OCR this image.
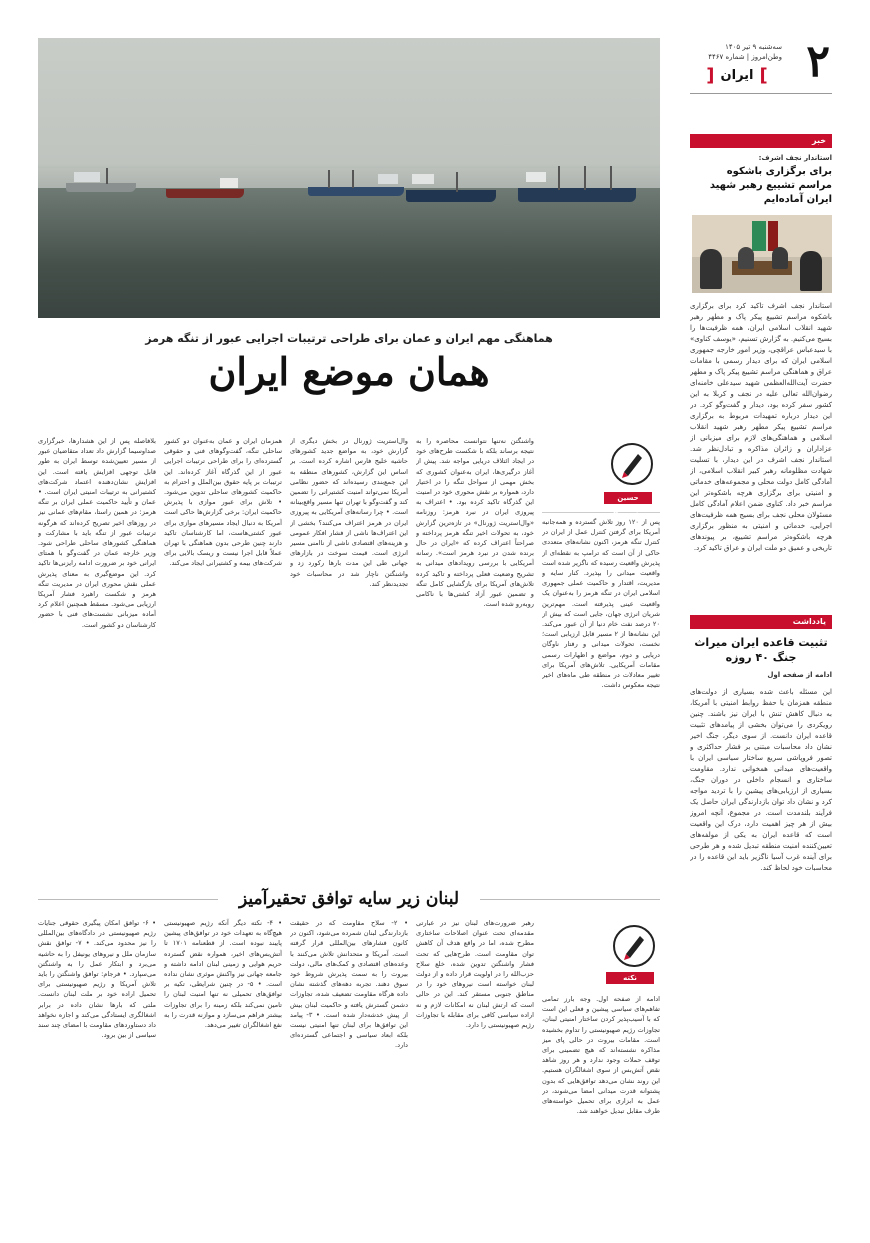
۲
سه‌شنبه ۹ تیر ۱۴۰۵
وطن‌امروز | شماره ۴۴۶۷
]
ایران
[
خبر
استاندار نجف اشرف:
برای برگزاری باشکوه مراسم تشییع رهبر شهید ایران آماده‌ایم
استاندار نجف اشرف تاکید کرد برای برگزاری باشکوه مراسم تشییع پیکر پاک و مطهر رهبر شهید انقلاب اسلامی ایران، همه ظرفیت‌ها را بسیج می‌کنیم. به گزارش تسنیم، «یوسف کناوی» با سیدعباس عراقچی، وزیر امور خارجه جمهوری اسلامی ایران که برای دیدار رسمی با مقامات عراق و هماهنگی مراسم تشییع پیکر پاک و مطهر حضرت آیت‌الله‌العظمی شهید سیدعلی خامنه‌ای رضوان‌الله تعالی علیه در نجف و کربلا به این کشور سفر کرده بود، دیدار و گفت‌وگو کرد. در این دیدار درباره تمهیدات مربوط به برگزاری مراسم تشییع پیکر مطهر رهبر شهید انقلاب اسلامی و هماهنگی‌های لازم برای میزبانی از عزاداران و زائران مذاکره و تبادل‌نظر شد. استاندار نجف اشرف در این دیدار، با تسلیت شهادت مظلومانه رهبر کبیر انقلاب اسلامی، از آمادگی کامل دولت محلی و مجموعه‌های خدماتی و امنیتی برای برگزاری هرچه باشکوه‌تر این مراسم خبر داد. کناوی ضمن اعلام آمادگی کامل مسئولان محلی نجف برای بسیج همه ظرفیت‌های اجرایی، خدماتی و امنیتی به منظور برگزاری هرچه باشکوه‌تر مراسم تشییع، بر پیوندهای تاریخی و عمیق دو ملت ایران و عراق تاکید کرد.
یادداشت
تثبیت قاعده ایران میراث جنگ ۴۰ روزه
ادامه از صفحه اول
این مسئله باعث شده بسیاری از دولت‌های منطقه همزمان با حفظ روابط امنیتی با آمریکا، به دنبال کاهش تنش با ایران نیز باشند. چنین رویکردی را می‌توان بخشی از پیامدهای تثبیت قاعده ایران دانست. از سوی دیگر، جنگ اخیر نشان داد محاسبات مبتنی بر فشار حداکثری و تصور فروپاشی سریع ساختار سیاسی ایران با واقعیت‌های میدانی همخوانی ندارد. مقاومت ساختاری و انسجام داخلی در دوران جنگ، بسیاری از ارزیابی‌های پیشین را با تردید مواجه کرد و نشان داد توان بازدارندگی ایران حاصل یک فرآیند بلندمدت است. در مجموع، آنچه امروز بیش از هر چیز اهمیت دارد، درک این واقعیت است که قاعده ایران به یکی از مولفه‌های تعیین‌کننده امنیت منطقه تبدیل شده و هر طرحی برای آینده غرب آسیا ناگزیر باید این قاعده را در محاسبات خود لحاظ کند.
هماهنگی مهم ایران و عمان برای طراحی ترتیبات اجرایی عبور از تنگه هرمز
همان موضع ایران
حسین کیانمنش

پس از ۱۲۰ روز تلاش گسترده و همه‌جانبه آمریکا برای گرفتن کنترل عمل از ایران در کنترل تنگه هرمز، اکنون نشانه‌های متعددی حاکی از آن است که ترامپ به نقطه‌ای از پذیرش واقعیت رسیده که ناگزیر شده است واقعیت میدانی را بپذیرد. کنار سایه و مدیریت، اقتدار و حاکمیت عملی جمهوری اسلامی ایران در تنگه هرمز را به‌عنوان یک واقعیت عینی پذیرفته است. مهم‌ترین شریان انرژی جهان، جایی است که بیش از ۲۰ درصد نفت خام دنیا از آن عبور می‌کند. این نشانه‌ها از ۲ مسیر قابل ارزیابی است؛ نخست، تحولات میدانی و رفتار ناوگان دریایی و دوم، مواضع و اظهارات رسمی مقامات آمریکایی. تلاش‌های آمریکا برای تغییر معادلات در منطقه طی ماه‌های اخیر نتیجه معکوس داشت.

واشنگتن نه‌تنها نتوانست محاصره را به نتیجه برساند بلکه با شکست طرح‌های خود در ایجاد ائتلاف دریایی مواجه شد. پیش از آغاز درگیری‌ها، ایران به‌عنوان کشوری که بخش مهمی از سواحل تنگه را در اختیار دارد، همواره بر نقش محوری خود در امنیت این گذرگاه تاکید کرده بود. • اعتراف به پیروزی ایران در نبرد هرمز: روزنامه «وال‌استریت ژورنال» در تازه‌ترین گزارش خود، به تحولات اخیر تنگه هرمز پرداخته و صراحتاً اعتراف کرده که «ایران در حال برنده شدن در نبرد هرمز است». رسانه آمریکایی با بررسی رویدادهای میدانی به تشریح وضعیت فعلی پرداخته و تاکید کرده تلاش‌های آمریکا برای بازگشایی کامل تنگه و تضمین عبور آزاد کشتی‌ها با ناکامی روبه‌رو شده است.

وال‌استریت ژورنال در بخش دیگری از گزارش خود، به مواضع جدید کشورهای حاشیه خلیج فارس اشاره کرده است. بر اساس این گزارش، کشورهای منطقه به این جمع‌بندی رسیده‌اند که حضور نظامی آمریکا نمی‌تواند امنیت کشتیرانی را تضمین کند و گفت‌وگو با تهران تنها مسیر واقع‌بینانه است. • چرا رسانه‌های آمریکایی به پیروزی ایران در هرمز اعتراف می‌کنند؟ بخشی از این اعتراف‌ها ناشی از فشار افکار عمومی و هزینه‌های اقتصادی ناشی از ناامنی مسیر انرژی است. قیمت سوخت در بازارهای جهانی طی این مدت بارها رکورد زد و واشنگتن ناچار شد در محاسبات خود تجدیدنظر کند.

همزمان ایران و عمان به‌عنوان دو کشور ساحلی تنگه، گفت‌وگوهای فنی و حقوقی گسترده‌ای را برای طراحی ترتیبات اجرایی عبور از این گذرگاه آغاز کرده‌اند. این ترتیبات بر پایه حقوق بین‌الملل و احترام به حاکمیت کشورهای ساحلی تدوین می‌شود. • تلاش برای عبور موازی با پذیرش حاکمیت ایران: برخی گزارش‌ها حاکی است آمریکا به دنبال ایجاد مسیرهای موازی برای عبور کشتی‌هاست، اما کارشناسان تاکید دارند چنین طرحی بدون هماهنگی با تهران عملاً قابل اجرا نیست و ریسک بالایی برای شرکت‌های بیمه و کشتیرانی ایجاد می‌کند.

بلافاصله پس از این هشدارها، خبرگزاری صداوسیما گزارش داد تعداد متقاضیان عبور از مسیر تعیین‌شده توسط ایران به طور قابل توجهی افزایش یافته است. این افزایش نشان‌دهنده اعتماد شرکت‌های کشتیرانی به ترتیبات امنیتی ایران است. • عمان و تأیید حاکمیت عملی ایران بر تنگه هرمز: در همین راستا، مقام‌های عمانی نیز در روزهای اخیر تصریح کرده‌اند که هرگونه ترتیبات عبور از تنگه باید با مشارکت و هماهنگی کشورهای ساحلی طراحی شود. وزیر خارجه عمان در گفت‌وگو با همتای ایرانی خود بر ضرورت ادامه رایزنی‌ها تاکید کرد. این موضع‌گیری به معنای پذیرش عملی نقش محوری ایران در مدیریت تنگه هرمز و شکست راهبرد فشار آمریکا ارزیابی می‌شود. مسقط همچنین اعلام کرد آماده میزبانی نشست‌های فنی با حضور کارشناسان دو کشور است.

لبنان زیر سایه توافق تحقیرآمیز
نکته

ادامه از صفحه اول. وجه بارز تمامی تفاهم‌های سیاسی پیشین و فعلی این است که با آسیب‌پذیر کردن ساختار امنیتی لبنان، تجاوزات رژیم صهیونیستی را تداوم بخشیده است. مقامات بیروت در حالی پای میز مذاکره نشسته‌اند که هیچ تضمینی برای توقف حملات وجود ندارد و هر روز شاهد نقض آتش‌بس از سوی اشغالگران هستیم. این روند نشان می‌دهد توافق‌هایی که بدون پشتوانه قدرت میدانی امضا می‌شوند، در عمل به ابزاری برای تحمیل خواسته‌های طرف مقابل تبدیل خواهند شد.

رهبر ضرورت‌های لبنان نیز در عبارتی مقدمه‌ای تحت عنوان اصلاحات ساختاری مطرح شده، اما در واقع هدف آن کاهش توان مقاومت است. طرح‌هایی که تحت فشار واشنگتن تدوین شده، خلع سلاح حزب‌الله را در اولویت قرار داده و از دولت لبنان خواسته است نیروهای خود را در مناطق جنوبی مستقر کند. این در حالی است که ارتش لبنان نه امکانات لازم و نه اراده سیاسی کافی برای مقابله با تجاوزات رژیم صهیونیستی را دارد.

• ۲- سلاح مقاومت که در حقیقت بازدارندگی لبنان شمرده می‌شود، اکنون در کانون فشارهای بین‌المللی قرار گرفته است. آمریکا و متحدانش تلاش می‌کنند با وعده‌های اقتصادی و کمک‌های مالی، دولت بیروت را به سمت پذیرش شروط خود سوق دهند. تجربه دهه‌های گذشته نشان داده هرگاه مقاومت تضعیف شده، تجاوزات دشمن گسترش یافته و حاکمیت لبنان بیش از پیش خدشه‌دار شده است. • ۳- پیامد این توافق‌ها برای لبنان تنها امنیتی نیست بلکه ابعاد سیاسی و اجتماعی گسترده‌ای دارد.

• ۴- نکته دیگر آنکه رژیم صهیونیستی هیچ‌گاه به تعهدات خود در توافق‌های پیشین پایبند نبوده است. از قطعنامه ۱۷۰۱ تا آتش‌بس‌های اخیر، همواره نقض گسترده حریم هوایی و زمینی لبنان ادامه داشته و جامعه جهانی نیز واکنش موثری نشان نداده است. • ۵- در چنین شرایطی، تکیه بر توافق‌های تحمیلی نه تنها امنیت لبنان را تامین نمی‌کند بلکه زمینه را برای تجاوزات بیشتر فراهم می‌سازد و موازنه قدرت را به نفع اشغالگران تغییر می‌دهد.

• ۶- توافق امکان پیگیری حقوقی جنایات رژیم صهیونیستی در دادگاه‌های بین‌المللی را نیز محدود می‌کند. • ۷- توافق نقش سازمان ملل و نیروهای یونیفل را به حاشیه می‌برد و ابتکار عمل را به واشنگتن می‌سپارد. • فرجام: توافق واشنگتن را باید تلاش آمریکا و رژیم صهیونیستی برای تحمیل اراده خود بر ملت لبنان دانست. ملتی که بارها نشان داده در برابر اشغالگری ایستادگی می‌کند و اجازه نخواهد داد دستاوردهای مقاومت با امضای چند سند سیاسی از بین برود.
